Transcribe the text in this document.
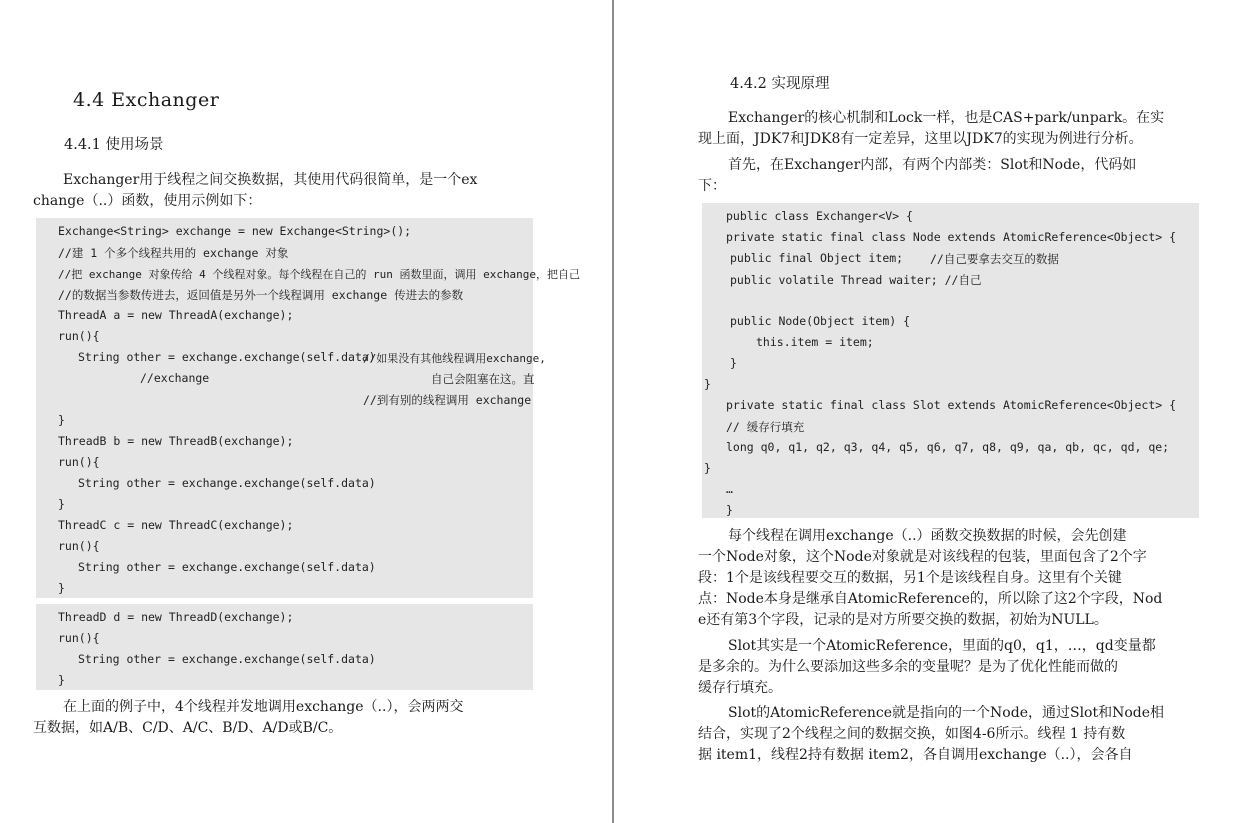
4.4 Exchanger
4.4.1 使用场景

Exchanger用于线程之间交换数据，其使用代码很简单，是一个ex
change（..）函数，使用示例如下：

Exchange<String> exchange = new Exchange<String>();
//建 1 个多个线程共用的 exchange 对象
//把 exchange 对象传给 4 个线程对象。每个线程在自己的 run 函数里面，调用 exchange，把自己
//的数据当参数传进去，返回值是另外一个线程调用 exchange 传进去的参数
ThreadA a = new ThreadA(exchange);
run(){
String other = exchange.exchange(self.data)
//如果没有其他线程调用exchange,
//exchange	自己会阻塞在这。直
//到有别的线程调用 exchange
}
ThreadB b = new ThreadB(exchange);
run(){
String other = exchange.exchange(self.data)
}
ThreadC c = new ThreadC(exchange);
run(){
String other = exchange.exchange(self.data)
}
ThreadD d = new ThreadD(exchange);
run(){
String other = exchange.exchange(self.data)
}

在上面的例子中，4个线程并发地调用exchange（..），会两两交
互数据，如A/B、C/D、A/C、B/D、A/D或B/C。

4.4.2 实现原理

Exchanger的核心机制和Lock一样，也是CAS+park/unpark。在实
现上面，JDK7和JDK8有一定差异，这里以JDK7的实现为例进行分析。

首先，在Exchanger内部，有两个内部类：Slot和Node，代码如
下：

public class Exchanger<V> {
private static final class Node extends AtomicReference<Object> {
public final Object item; //自己要拿去交互的数据
public volatile Thread waiter; //自己
public Node(Object item) {
this.item = item;
}
}
private static final class Slot extends AtomicReference<Object> {
// 缓存行填充
long q0, q1, q2, q3, q4, q5, q6, q7, q8, q9, qa, qb, qc, qd, qe;
}
…
}

每个线程在调用exchange（..）函数交换数据的时候，会先创建
一个Node对象，这个Node对象就是对该线程的包装，里面包含了2个字
段：1个是该线程要交互的数据，另1个是该线程自身。这里有个关键
点：Node本身是继承自AtomicReference的，所以除了这2个字段，Nod
e还有第3个字段，记录的是对方所要交换的数据，初始为NULL。

Slot其实是一个AtomicReference，里面的q0，q1，…，qd变量都
是多余的。为什么要添加这些多余的变量呢？是为了优化性能而做的
缓存行填充。

Slot的AtomicReference就是指向的一个Node，通过Slot和Node相
结合，实现了2个线程之间的数据交换，如图4-6所示。线程 1 持有数
据 item1，线程2持有数据 item2，各自调用exchange（..），会各自
